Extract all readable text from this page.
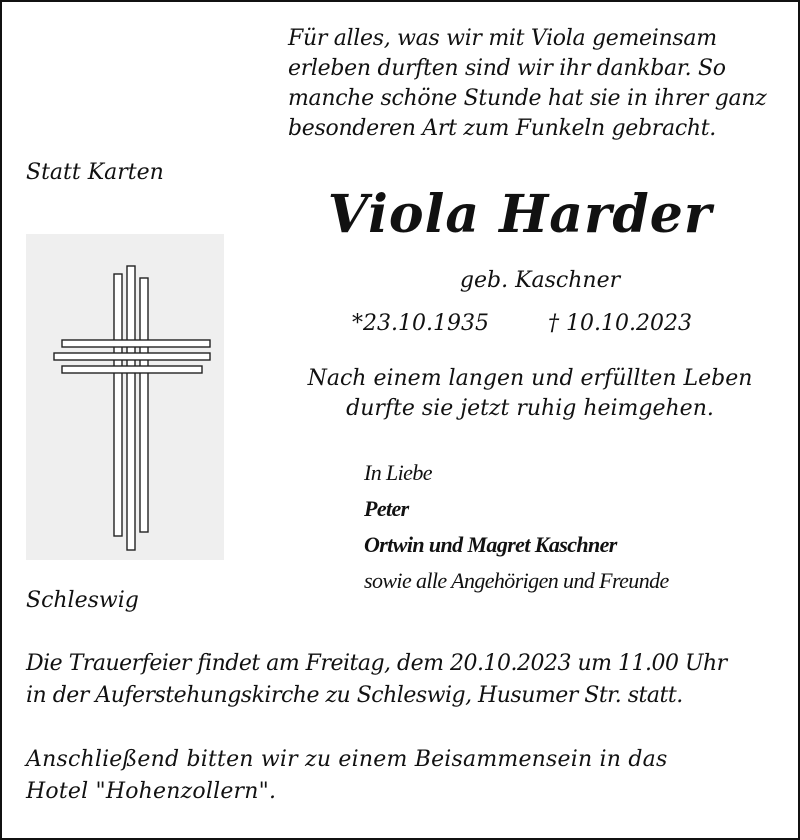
Für alles, was wir mit Viola gemeinsam
erleben durften sind wir ihr dankbar. So
manche schöne Stunde hat sie in ihrer ganz
besonderen Art zum Funkeln gebracht.
Statt Karten
Viola Harder
geb. Kaschner
*23.10.1935	† 10.10.2023
Nach einem langen und erfüllten Leben
durfte sie jetzt ruhig heimgehen.
In Liebe
Peter
Ortwin und Magret Kaschner
sowie alle Angehörigen und Freunde
Schleswig
Die Trauerfeier findet am Freitag, dem 20.10.2023 um 11.00 Uhr
in der Auferstehungskirche zu Schleswig, Husumer Str. statt.
Anschließend bitten wir zu einem Beisammensein in das
Hotel "Hohenzollern".
